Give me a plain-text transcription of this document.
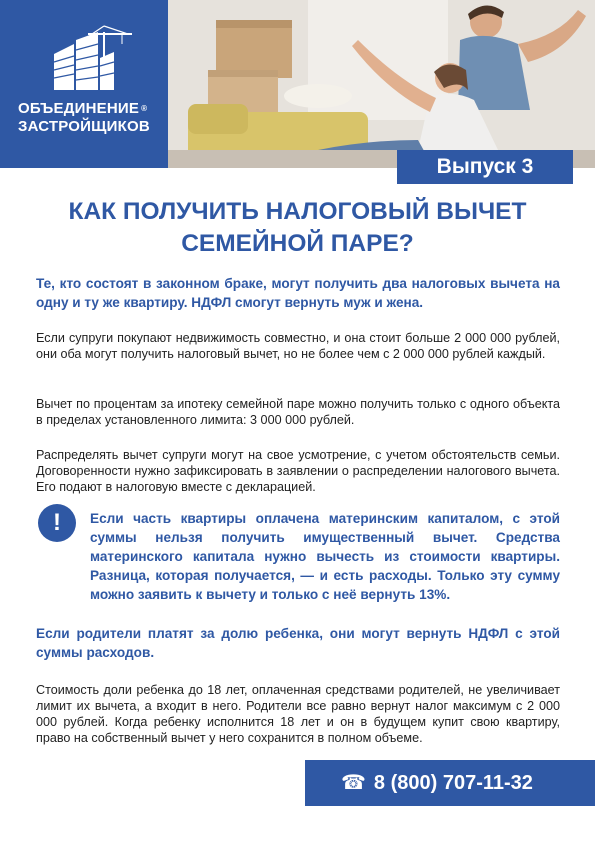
ОБЪЕДИНЕНИЕ ®
ЗАСТРОЙЩИКОВ
Выпуск 3
КАК ПОЛУЧИТЬ НАЛОГОВЫЙ ВЫЧЕТ
СЕМЕЙНОЙ ПАРЕ?

Те, кто состоят в законном браке, могут получить два налоговых вычета на одну и ту же квартиру. НДФЛ смогут вернуть муж и жена.

Если супруги покупают недвижимость совместно, и она стоит больше 2 000 000 рублей, они оба могут получить налоговый вычет, но не более чем с 2 000 000 рублей каждый.

Вычет по процентам за ипотеку семейной паре можно получить только с одного объекта в пределах установленного лимита: 3 000 000 рублей.

Распределять вычет супруги могут на свое усмотрение, с учетом обстоятельств семьи. Договоренности нужно зафиксировать в заявлении о распределении налогового вычета. Его подают в налоговую вместе с декларацией.

!	Если часть квартиры оплачена материнским капиталом, с этой суммы нельзя получить имущественный вычет. Средства материнского капитала нужно вычесть из стоимости квартиры. Разница, которая получается, — и есть расходы. Только эту сумму можно заявить к вычету и только с неё вернуть 13%.

Если родители платят за долю ребенка, они могут вернуть НДФЛ с этой суммы расходов.

Стоимость доли ребенка до 18 лет, оплаченная средствами родителей, не увеличивает лимит их вычета, а входит в него. Родители все равно вернут налог максимум с 2 000 000 рублей. Когда ребенку исполнится 18 лет и он в будущем купит свою квартиру, право на собственный вычет у него сохранится в полном объеме.

☎ 8 (800) 707-11-32
